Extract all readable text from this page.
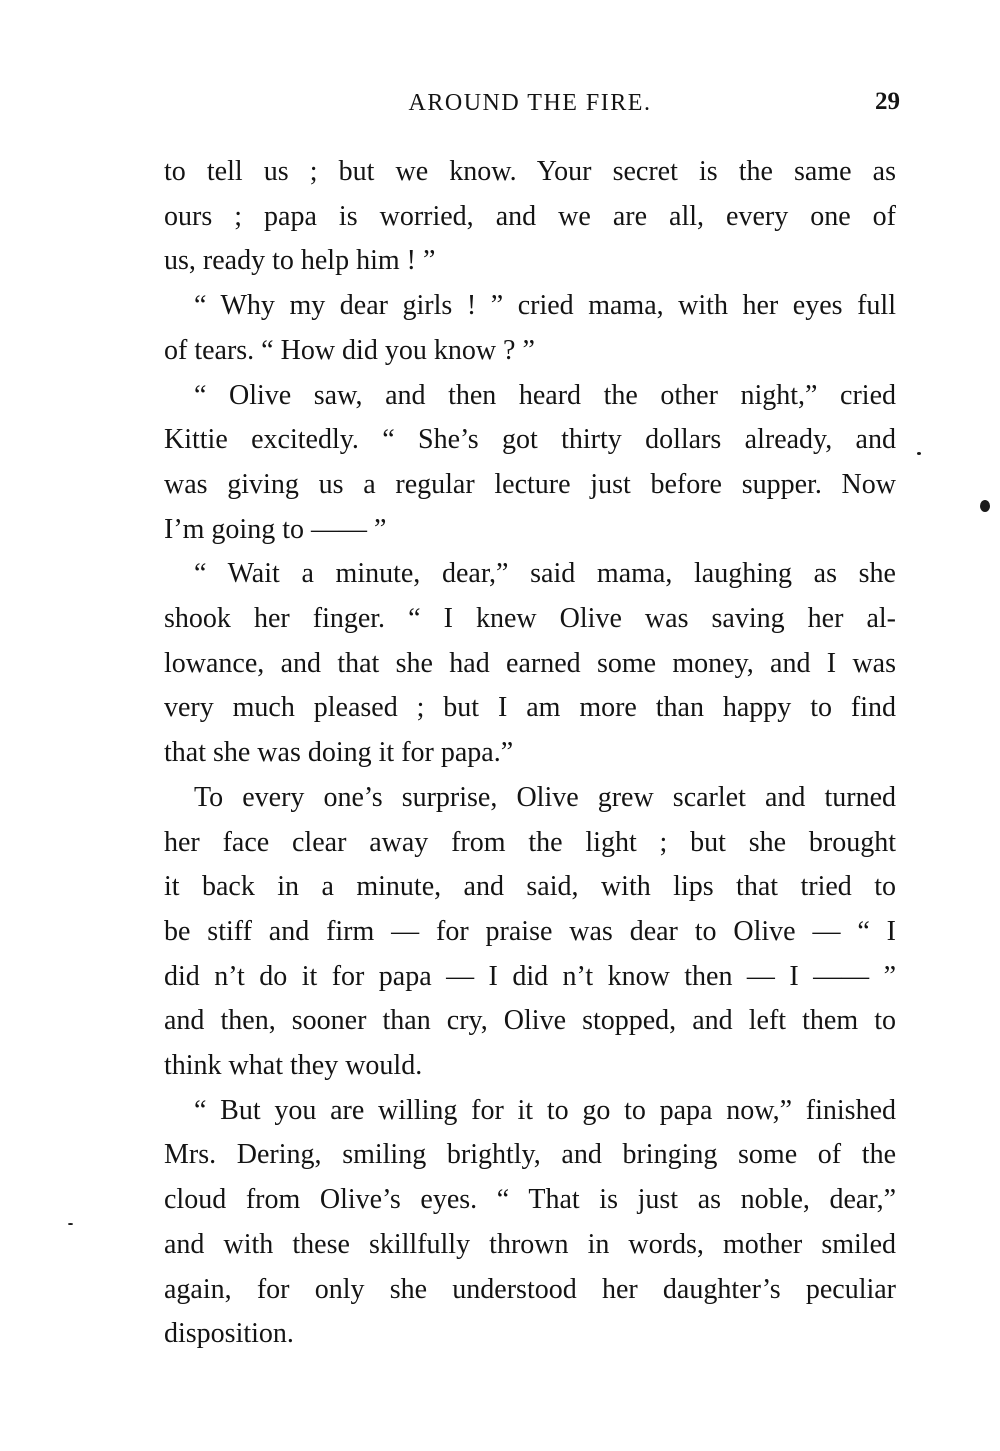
AROUND THE FIRE.	29

to tell us ; but we know. Your secret is the same as
ours ; papa is worried, and we are all, every one of
us, ready to help him ! ”

“ Why my dear girls ! ” cried mama, with her eyes full
of tears. “ How did you know ? ”

“ Olive saw, and then heard the other night,” cried
Kittie excitedly. “ She’s got thirty dollars already, and
was giving us a regular lecture just before supper. Now
I’m going to —— ”

“ Wait a minute, dear,” said mama, laughing as she
shook her finger. “ I knew Olive was saving her al-
lowance, and that she had earned some money, and I was
very much pleased ; but I am more than happy to find
that she was doing it for papa.”

To every one’s surprise, Olive grew scarlet and turned
her face clear away from the light ; but she brought
it back in a minute, and said, with lips that tried to
be stiff and firm — for praise was dear to Olive — “ I
did n’t do it for papa — I did n’t know then — I —— ”
and then, sooner than cry, Olive stopped, and left them to
think what they would.

“ But you are willing for it to go to papa now,” finished
Mrs. Dering, smiling brightly, and bringing some of the
cloud from Olive’s eyes. “ That is just as noble, dear,”
and with these skillfully thrown in words, mother smiled
again, for only she understood her daughter’s peculiar
disposition.
